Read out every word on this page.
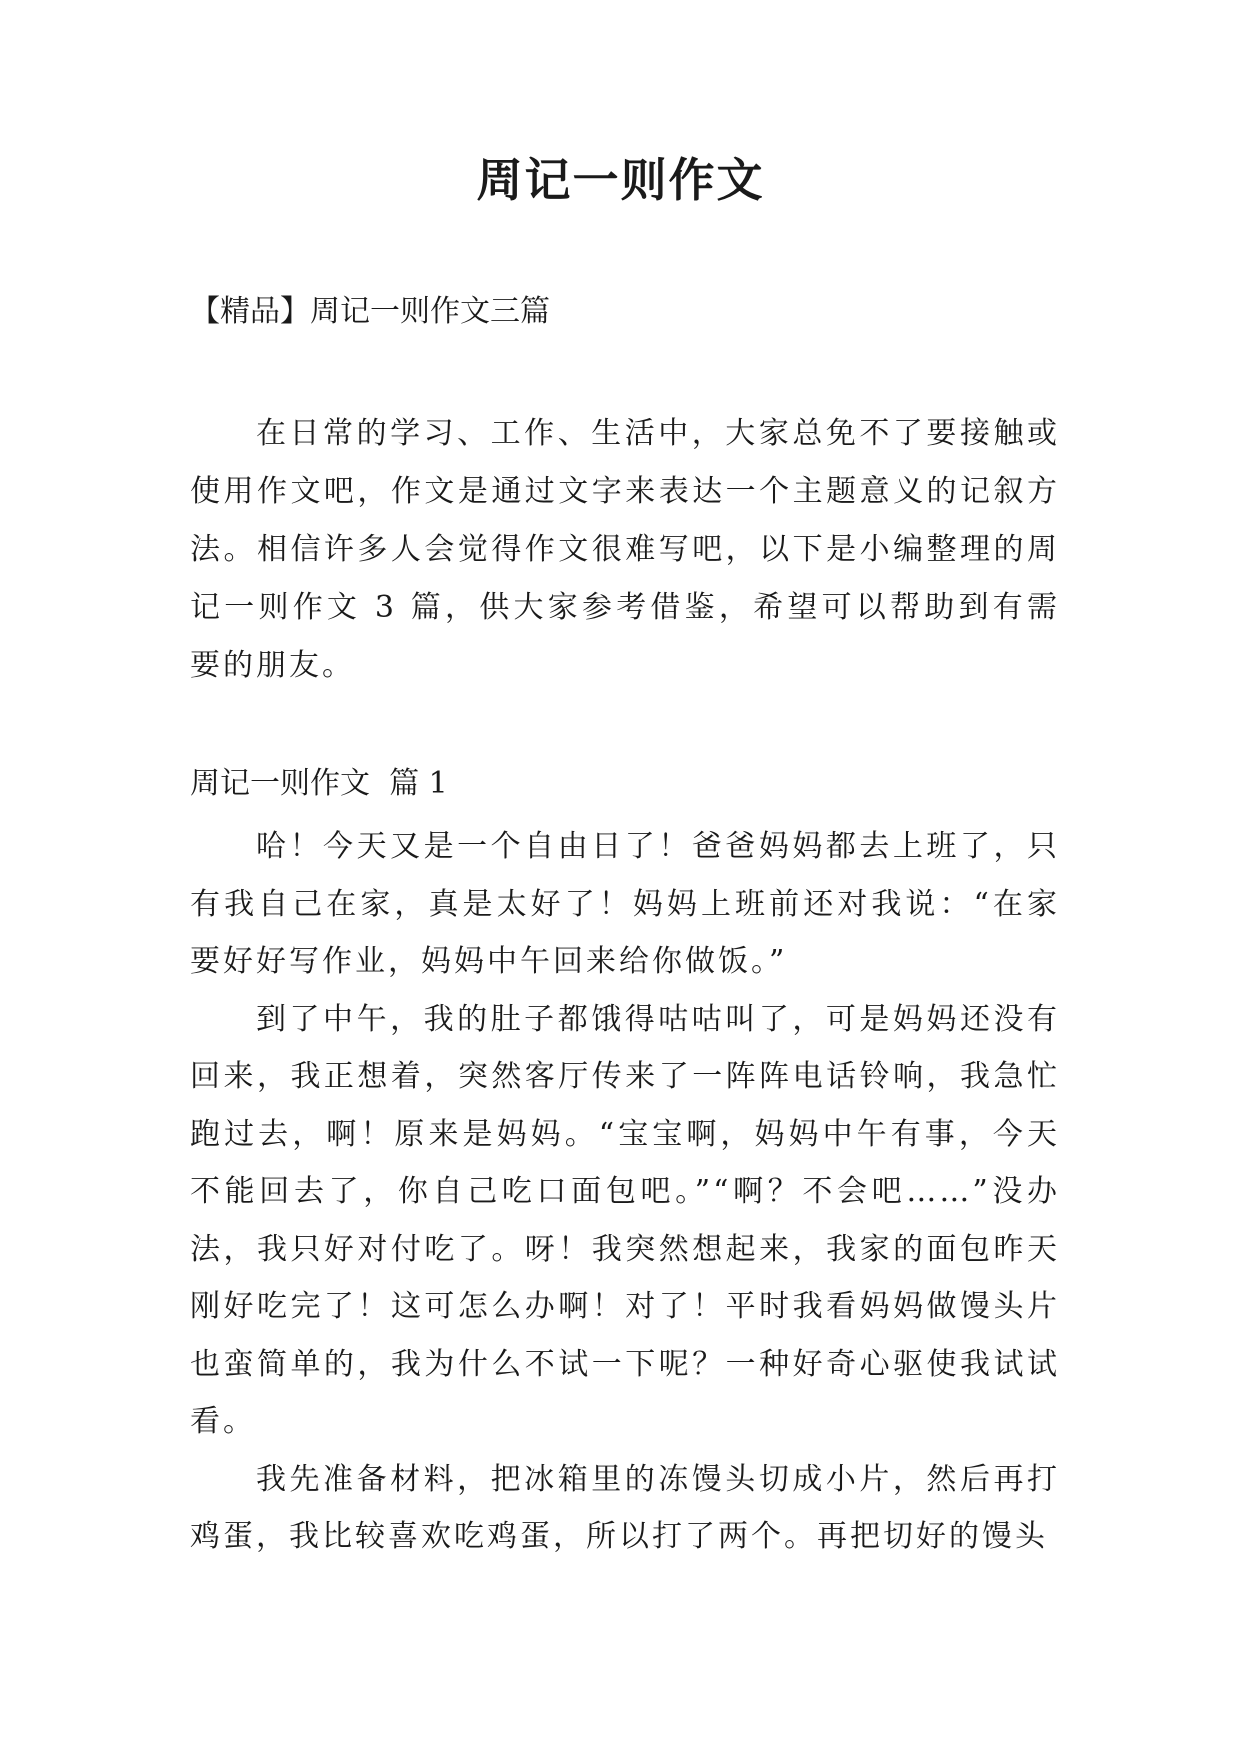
周记一则作文

【精品】周记一则作文三篇

在日常的学习、工作、生活中，大家总免不了要接触或使用作文吧，作文是通过文字来表达一个主题意义的记叙方法。相信许多人会觉得作文很难写吧，以下是小编整理的周记一则作文 3 篇，供大家参考借鉴，希望可以帮助到有需要的朋友。

周记一则作文  篇 1

哈！今天又是一个自由日了！爸爸妈妈都去上班了，只有我自己在家，真是太好了！妈妈上班前还对我说：“在家要好好写作业，妈妈中午回来给你做饭。”

到了中午，我的肚子都饿得咕咕叫了，可是妈妈还没有回来，我正想着，突然客厅传来了一阵阵电话铃响，我急忙跑过去，啊！原来是妈妈。“宝宝啊，妈妈中午有事，今天不能回去了，你自己吃口面包吧。”“啊？不会吧……”没办法，我只好对付吃了。呀！我突然想起来，我家的面包昨天刚好吃完了！这可怎么办啊！对了！平时我看妈妈做馒头片也蛮简单的，我为什么不试一下呢？一种好奇心驱使我试试看。

我先准备材料，把冰箱里的冻馒头切成小片，然后再打鸡蛋，我比较喜欢吃鸡蛋，所以打了两个。再把切好的馒头
